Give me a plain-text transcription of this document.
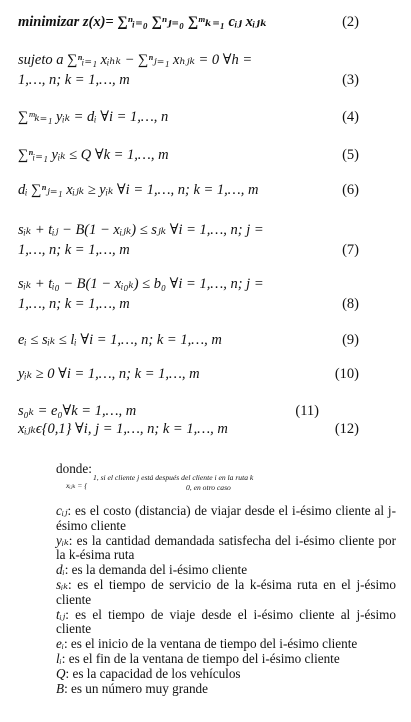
minimizar z(x)= ∑ⁿᵢ₌₀ ∑ⁿⱼ₌₀ ∑ᵐₖ₌₁ cᵢⱼ xᵢⱼₖ	(2)
sujeto a ∑ⁿᵢ₌₁ xᵢₕₖ − ∑ⁿⱼ₌₁ xₕⱼₖ = 0 ∀h =
1,…, n; k = 1,…, m	(3)
∑ᵐₖ₌₁ yᵢₖ = dᵢ ∀i = 1,…, n	(4)
∑ⁿᵢ₌₁ yᵢₖ ≤ Q ∀k = 1,…, m	(5)
dᵢ ∑ⁿⱼ₌₁ xᵢⱼₖ ≥ yᵢₖ ∀i = 1,…, n; k = 1,…, m	(6)
sᵢₖ + tᵢⱼ − B(1 − xᵢⱼₖ) ≤ sⱼₖ ∀i = 1,…, n; j =
1,…, n; k = 1,…, m	(7)
sᵢₖ + tᵢ₀ − B(1 − xᵢ₀ₖ) ≤ b₀ ∀i = 1,…, n; j =
1,…, n; k = 1,…, m	(8)
eᵢ ≤ sᵢₖ ≤ lᵢ ∀i = 1,…, n; k = 1,…, m	(9)
yᵢₖ ≥ 0 ∀i = 1,…, n; k = 1,…, m	(10)
s₀ₖ = e₀∀k = 1,…, m	(11)
xᵢⱼₖϵ{0,1} ∀i, j = 1,…, n; k = 1,…, m	(12)
donde:
xᵢⱼₖ = {
1, si el cliente j está después del cliente i en la ruta k
0, en otro caso

cᵢⱼ: es el costo (distancia) de viajar desde el i-ésimo cliente al j-ésimo cliente

yᵢₖ: es la cantidad demandada satisfecha del i-ésimo cliente por la k-ésima ruta

dᵢ: es la demanda del i-ésimo cliente

sᵢₖ: es el tiempo de servicio de la k-ésima ruta en el j-ésimo cliente

tᵢⱼ: es el tiempo de viaje desde el i-ésimo cliente al j-ésimo cliente

eᵢ: es el inicio de la ventana de tiempo del i-ésimo cliente

lᵢ: es el fin de la ventana de tiempo del i-ésimo cliente

Q: es la capacidad de los vehículos

B: es un número muy grande
